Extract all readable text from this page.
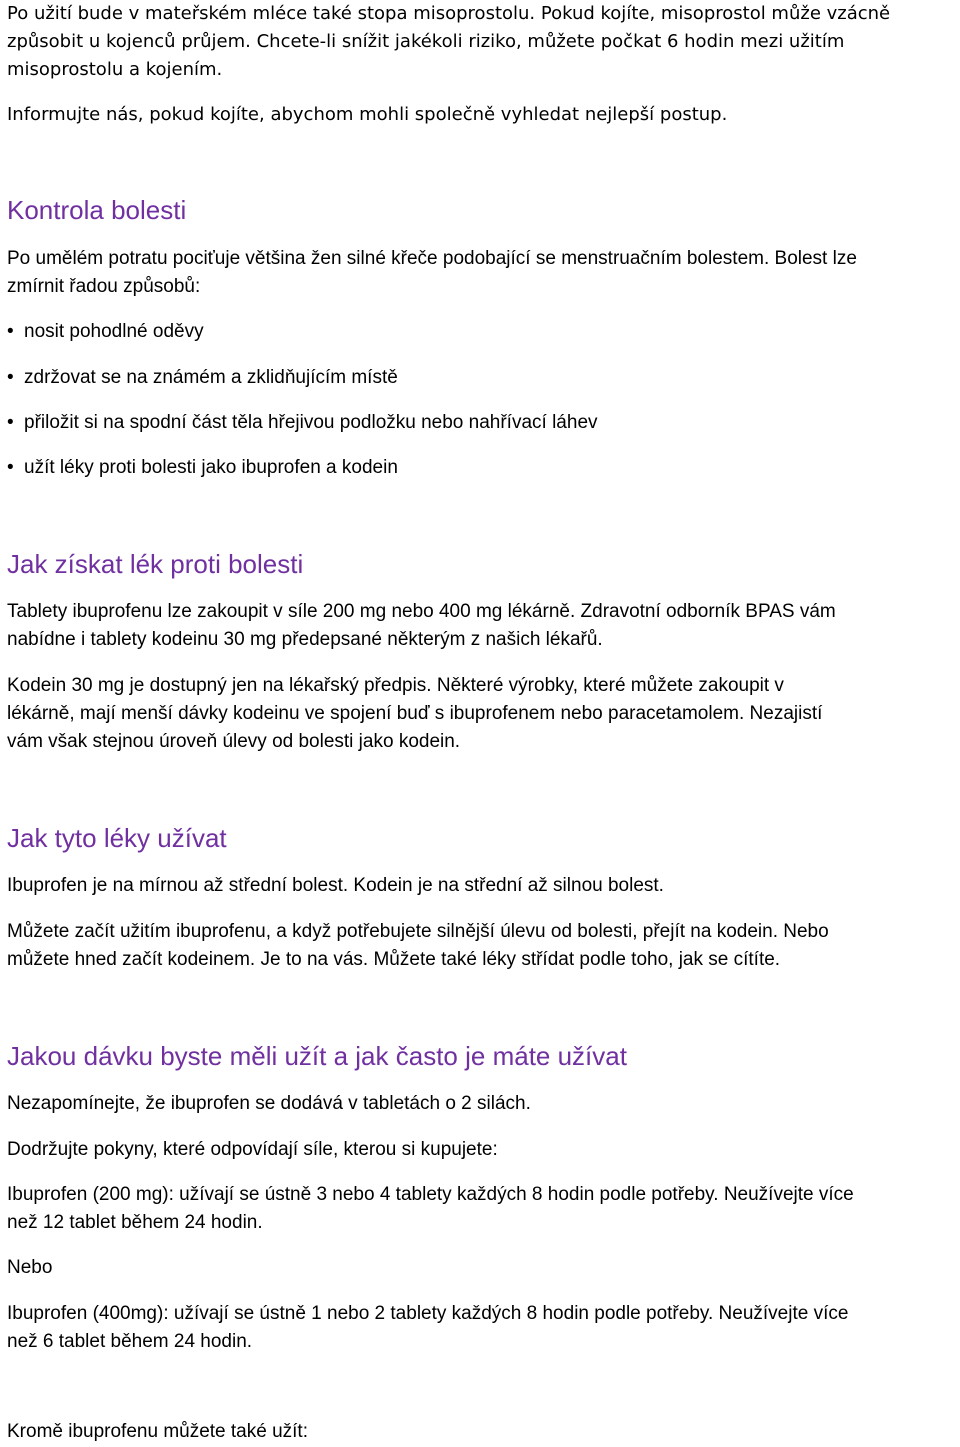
Po užití bude v mateřském mléce také stopa misoprostolu. Pokud kojíte, misoprostol může vzácně

způsobit u kojenců průjem. Chcete-li snížit jakékoli riziko, můžete počkat 6 hodin mezi užitím

misoprostolu a kojením.

Informujte nás, pokud kojíte, abychom mohli společně vyhledat nejlepší postup.

Kontrola bolesti

Po umělém potratu pociťuje většina žen silné křeče podobající se menstruačním bolestem. Bolest lze

zmírnit řadou způsobů:

• nosit pohodlné oděvy

• zdržovat se na známém a zklidňujícím místě

• přiložit si na spodní část těla hřejivou podložku nebo nahřívací láhev

• užít léky proti bolesti jako ibuprofen a kodein

Jak získat lék proti bolesti

Tablety ibuprofenu lze zakoupit v síle 200 mg nebo 400 mg lékárně. Zdravotní odborník BPAS vám

nabídne i tablety kodeinu 30 mg předepsané některým z našich lékařů.

Kodein 30 mg je dostupný jen na lékařský předpis. Některé výrobky, které můžete zakoupit v

lékárně, mají menší dávky kodeinu ve spojení buď s ibuprofenem nebo paracetamolem. Nezajistí

vám však stejnou úroveň úlevy od bolesti jako kodein.

Jak tyto léky užívat

Ibuprofen je na mírnou až střední bolest. Kodein je na střední až silnou bolest.

Můžete začít užitím ibuprofenu, a když potřebujete silnější úlevu od bolesti, přejít na kodein. Nebo

můžete hned začít kodeinem. Je to na vás. Můžete také léky střídat podle toho, jak se cítíte.

Jakou dávku byste měli užít a jak často je máte užívat

Nezapomínejte, že ibuprofen se dodává v tabletách o 2 silách.

Dodržujte pokyny, které odpovídají síle, kterou si kupujete:

Ibuprofen (200 mg): užívají se ústně 3 nebo 4 tablety každých 8 hodin podle potřeby. Neužívejte více

než 12 tablet během 24 hodin.

Nebo

Ibuprofen (400mg): užívají se ústně 1 nebo 2 tablety každých 8 hodin podle potřeby. Neužívejte více

než 6 tablet během 24 hodin.

Kromě ibuprofenu můžete také užít:
